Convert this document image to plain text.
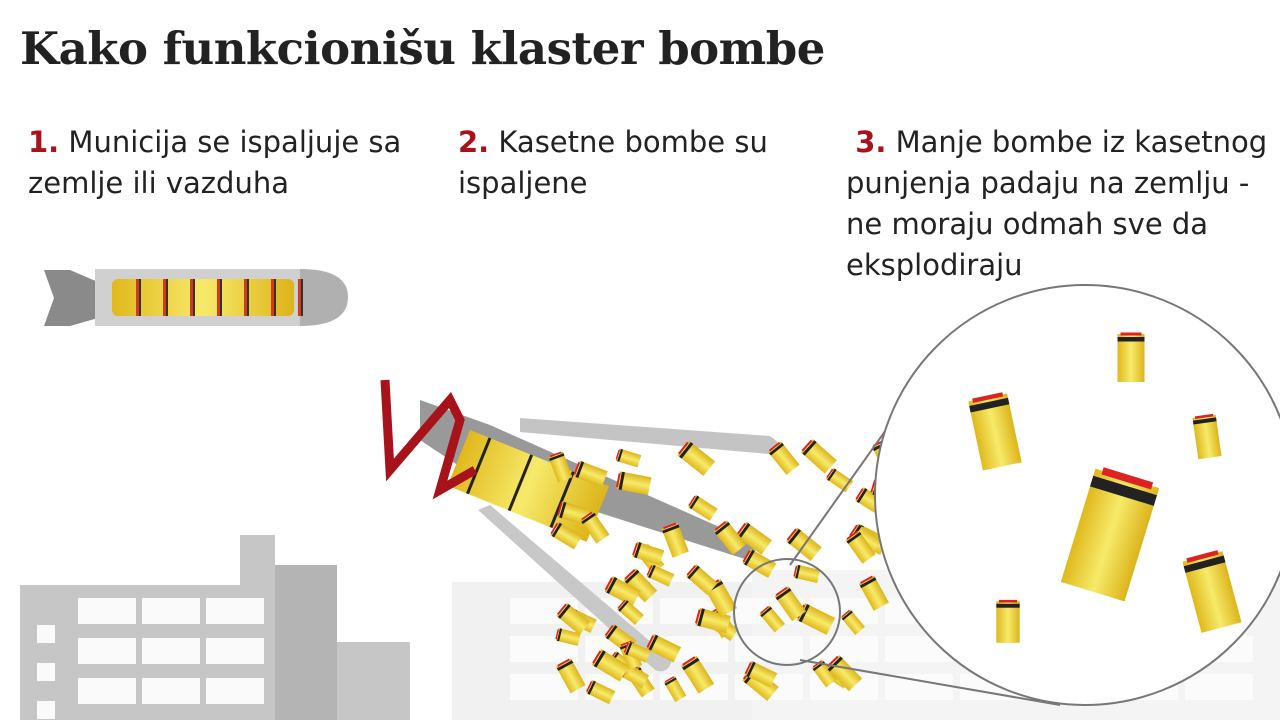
Kako funkcionišu klaster bombe
1. Municija se ispaljuje sa zemlje ili vazduha
2. Kasetne bombe su ispaljene
3. Manje bombe iz kasetnog punjenja padaju na zemlju - ne moraju odmah sve da eksplodiraju
